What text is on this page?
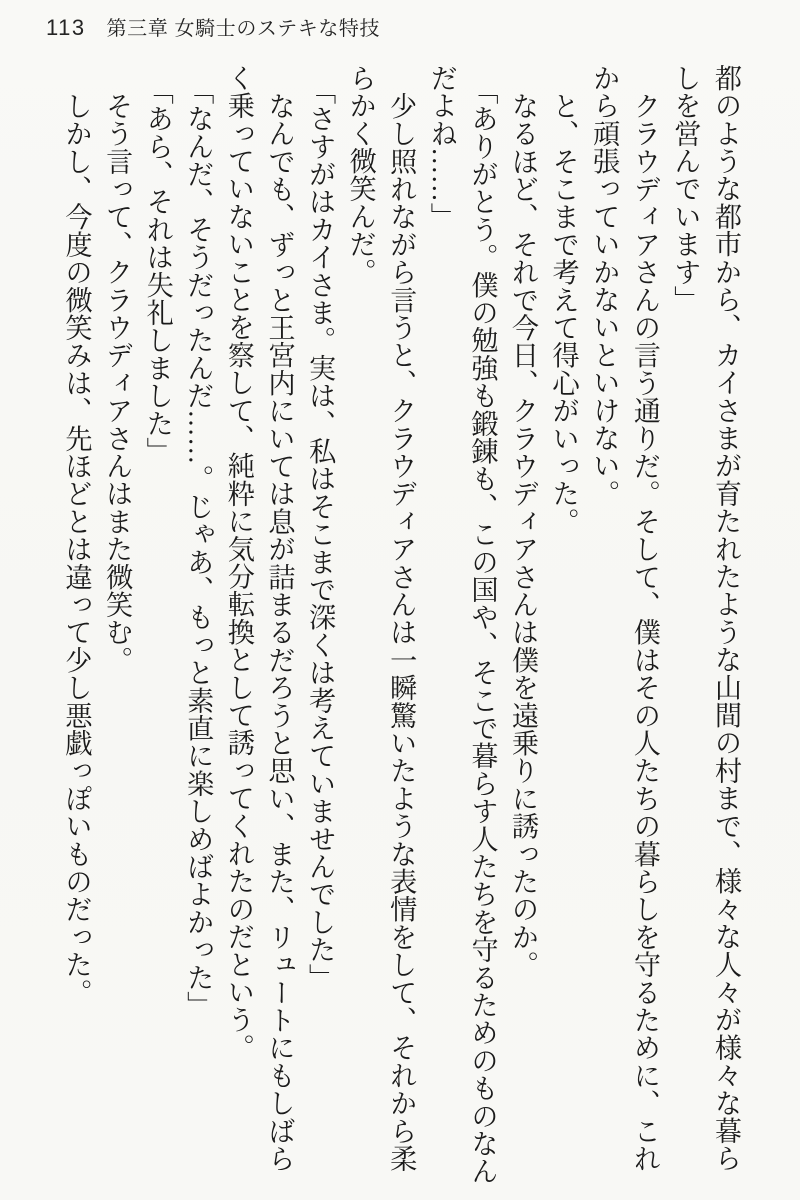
113 第三章 女騎士のステキな特技

都のような都市から、カイさまが育たれたような山間の村まで、様々な人々が様々な暮ら

しを営んでいます」

クラウディアさんの言う通りだ。そして、僕はその人たちの暮らしを守るために、これ

から頑張っていかないといけない。

と、そこまで考えて得心がいった。

なるほど、それで今日、クラウディアさんは僕を遠乗りに誘ったのか。

「ありがとう。僕の勉強も鍛錬も、この国や、そこで暮らす人たちを守るためのものなん

だよね……」

少し照れながら言うと、クラウディアさんは一瞬驚いたような表情をして、それから柔

らかく微笑んだ。

「さすがはカイさま。実は、私はそこまで深くは考えていませんでした」

なんでも、ずっと王宮内にいては息が詰まるだろうと思い、また、リュートにもしばら

く乗っていないことを察して、純粋に気分転換として誘ってくれたのだという。

「なんだ、そうだったんだ……。じゃあ、もっと素直に楽しめばよかった」

「あら、それは失礼しました」

そう言って、クラウディアさんはまた微笑む。

しかし、今度の微笑みは、先ほどとは違って少し悪戯っぽいものだった。
